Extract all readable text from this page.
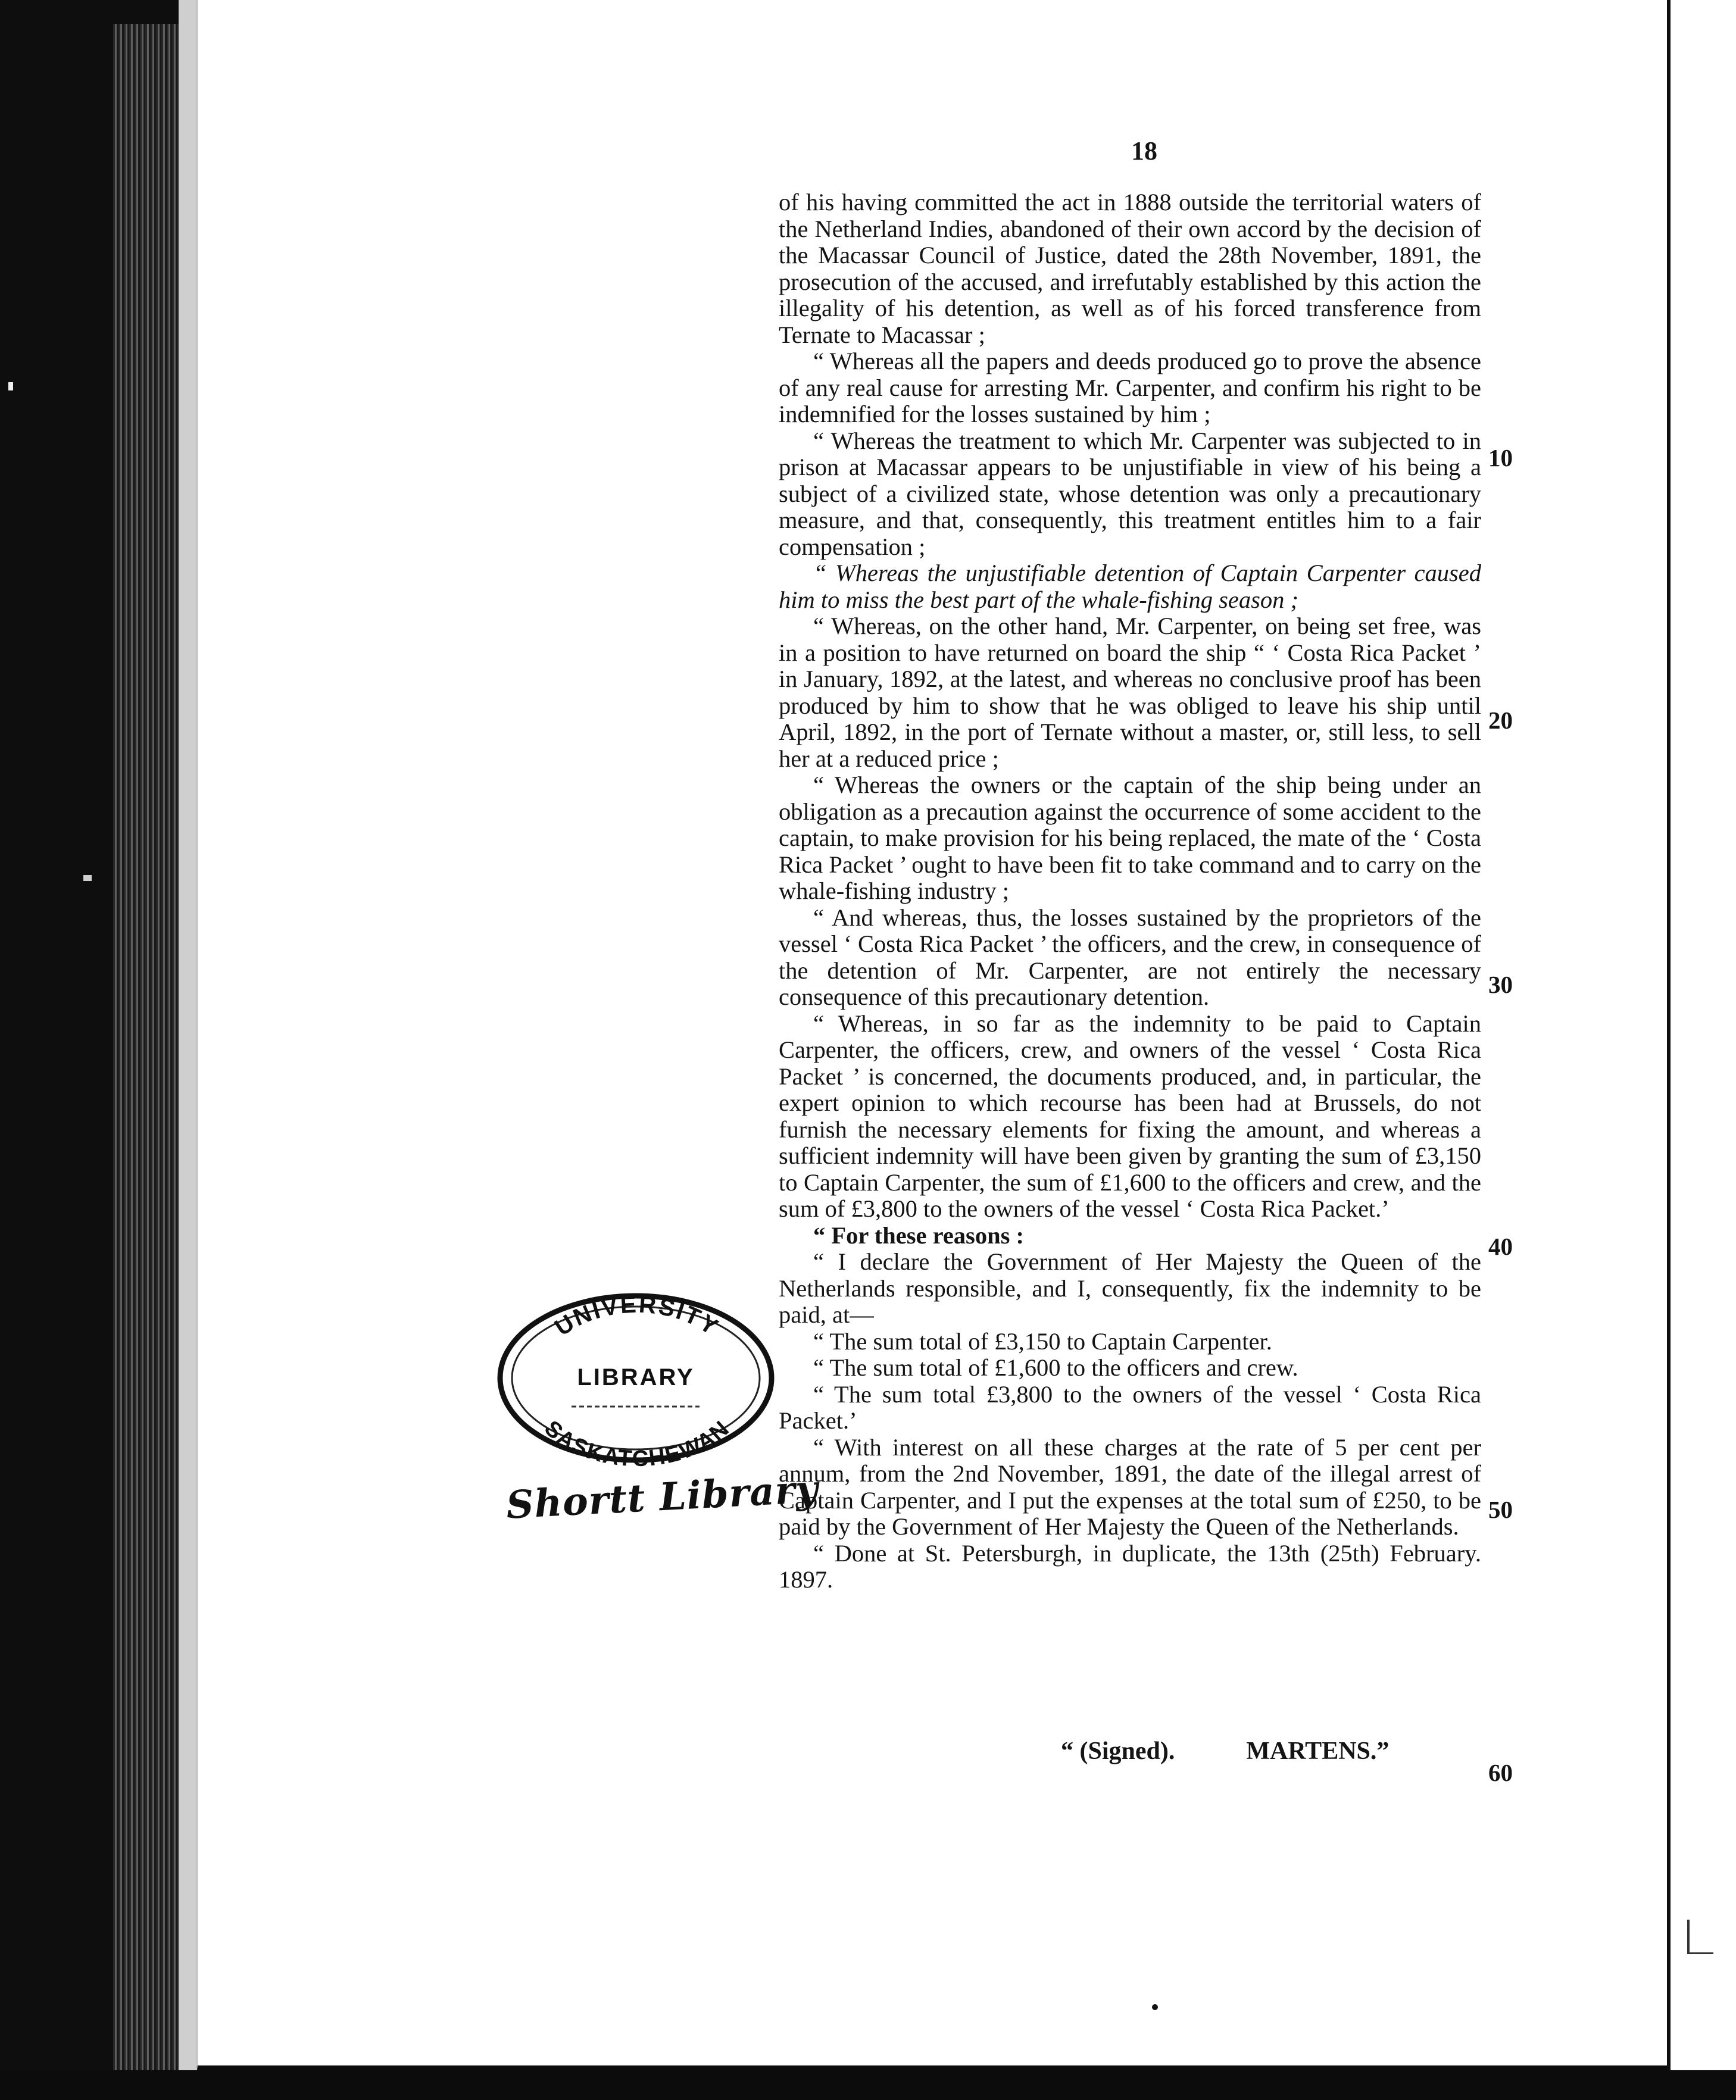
18

of his having committed the act in 1888 outside the territorial waters of the Netherland Indies, abandoned of their own accord by the decision of the Macassar Council of Justice, dated the 28th November, 1891, the prosecution of the accused, and irrefutably established by this action the illegality of his detention, as well as of his forced transference from Ternate to Macassar ;

“ Whereas all the papers and deeds produced go to prove the absence of any real cause for arresting Mr. Carpenter, and confirm his right to be indemnified for the losses sustained by him ;

“ Whereas the treatment to which Mr. Carpenter was subjected to in prison at Macassar appears to be unjustifiable in view of his being a subject of a civilized state, whose detention was only a precautionary measure, and that, consequently, this treatment entitles him to a fair compensation ;

“ Whereas the unjustifiable detention of Captain Carpenter caused him to miss the best part of the whale-fishing season ;

“ Whereas, on the other hand, Mr. Carpenter, on being set free, was in a position to have returned on board the ship “ ‘ Costa Rica Packet ’ in January, 1892, at the latest, and whereas no conclusive proof has been produced by him to show that he was obliged to leave his ship until April, 1892, in the port of Ternate without a master, or, still less, to sell her at a reduced price ;

“ Whereas the owners or the captain of the ship being under an obligation as a precaution against the occurrence of some accident to the captain, to make provision for his being replaced, the mate of the ‘ Costa Rica Packet ’ ought to have been fit to take command and to carry on the whale-fishing industry ;

“ And whereas, thus, the losses sustained by the proprietors of the vessel ‘ Costa Rica Packet ’ the officers, and the crew, in consequence of the detention of Mr. Carpenter, are not entirely the necessary consequence of this precautionary detention.

“ Whereas, in so far as the indemnity to be paid to Captain Carpenter, the officers, crew, and owners of the vessel ‘ Costa Rica Packet ’ is concerned, the documents produced, and, in particular, the expert opinion to which recourse has been had at Brussels, do not furnish the necessary elements for fixing the amount, and whereas a sufficient indemnity will have been given by granting the sum of £3,150 to Captain Carpenter, the sum of £1,600 to the officers and crew, and the sum of £3,800 to the owners of the vessel ‘ Costa Rica Packet.’

“ For these reasons :

“ I declare the Government of Her Majesty the Queen of the Netherlands responsible, and I, consequently, fix the indemnity to be paid, at—

“ The sum total of £3,150 to Captain Carpenter.

“ The sum total of £1,600 to the officers and crew.

“ The sum total £3,800 to the owners of the vessel ‘ Costa Rica Packet.’

“ With interest on all these charges at the rate of 5 per cent per annum, from the 2nd November, 1891, the date of the illegal arrest of Captain Carpenter, and I put the expenses at the total sum of £250, to be paid by the Government of Her Majesty the Queen of the Netherlands.

“ Done at St. Petersburgh, in duplicate, the 13th (25th) February. 1897.

10
20
30
40
50
60
“ (Signed).	MARTENS.”
UNIVERSITY
LIBRARY
SASKATCHEWAN
Shortt Library
